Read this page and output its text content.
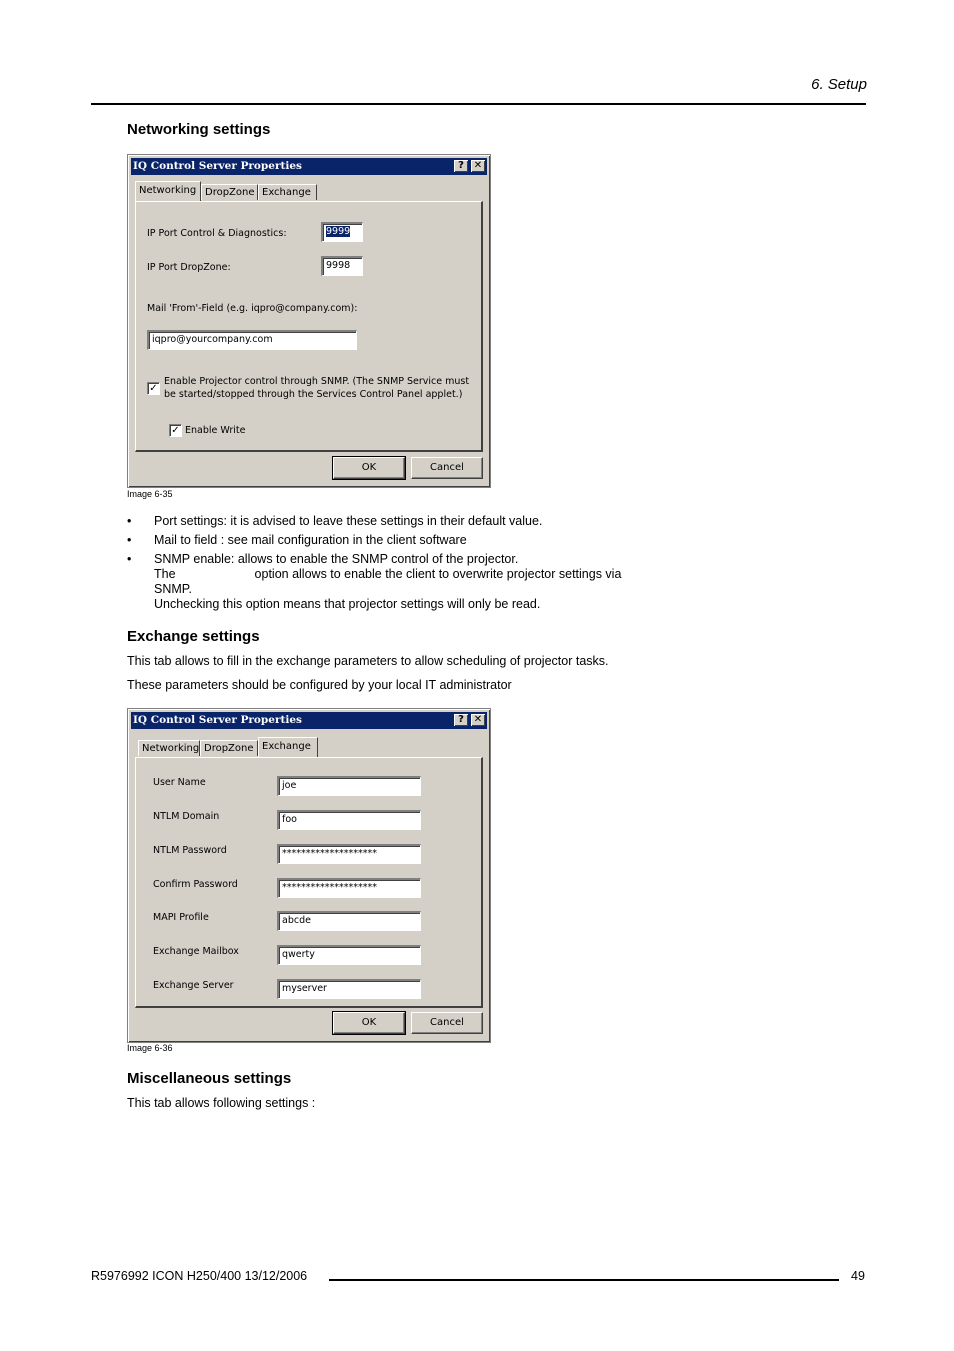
6. Setup
Networking settings
IQ Control Server Properties	? ✕
Networking DropZone Exchange
IP Port Control & Diagnostics:	9999
IP Port DropZone:	9998
Mail 'From'-Field (e.g. iqpro@company.com):
iqpro@yourcompany.com
✓
Enable Projector control through SNMP. (The SNMP Service must
be started/stopped through the Services Control Panel applet.)
✓ Enable Write
OK	Cancel
Image 6-35
• Port settings: it is advised to leave these settings in their default value.
• Mail to field : see mail configuration in the client software
• SNMP enable: allows to enable the SNMP control of the projector.
The	option allows to enable the client to overwrite projector settings via
SNMP.
Unchecking this option means that projector settings will only be read.
Exchange settings
This tab allows to fill in the exchange parameters to allow scheduling of projector tasks.
These parameters should be configured by your local IT administrator
IQ Control Server Properties	? ✕
Networking DropZone Exchange
User Name	joe
NTLM Domain	foo
NTLM Password	********************
Confirm Password	********************
MAPI Profile	abcde
Exchange Mailbox	qwerty
Exchange Server	myserver
OK	Cancel
Image 6-36
Miscellaneous settings
This tab allows following settings :
R5976992 ICON H250/400 13/12/2006	49
